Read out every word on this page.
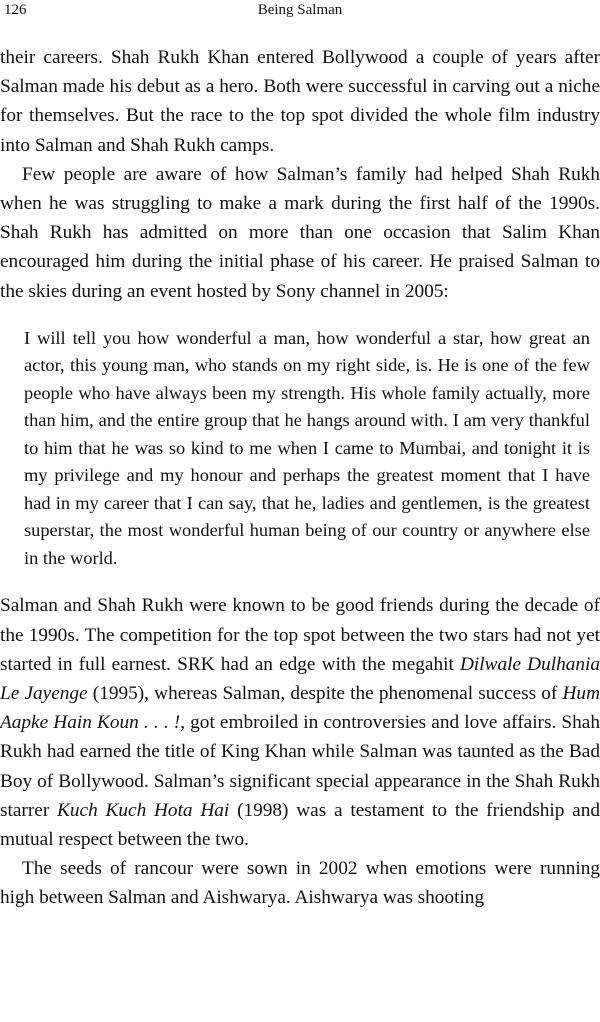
126	Being Salman

their careers. Shah Rukh Khan entered Bollywood a couple of years after Salman made his debut as a hero. Both were successful in carving out a niche for themselves. But the race to the top spot divided the whole film industry into Salman and Shah Rukh camps.

Few people are aware of how Salman’s family had helped Shah Rukh when he was struggling to make a mark during the first half of the 1990s. Shah Rukh has admitted on more than one occasion that Salim Khan encouraged him during the initial phase of his career. He praised Salman to the skies during an event hosted by Sony channel in 2005:

I will tell you how wonderful a man, how wonderful a star, how great an actor, this young man, who stands on my right side, is. He is one of the few people who have always been my strength. His whole family actually, more than him, and the entire group that he hangs around with. I am very thankful to him that he was so kind to me when I came to Mumbai, and tonight it is my privilege and my honour and perhaps the greatest moment that I have had in my career that I can say, that he, ladies and gentlemen, is the greatest superstar, the most wonderful human being of our country or anywhere else in the world.

Salman and Shah Rukh were known to be good friends during the decade of the 1990s. The competition for the top spot between the two stars had not yet started in full earnest. SRK had an edge with the megahit Dilwale Dulhania Le Jayenge (1995), whereas Salman, despite the phenomenal success of Hum Aapke Hain Koun . . . !, got embroiled in controversies and love affairs. Shah Rukh had earned the title of King Khan while Salman was taunted as the Bad Boy of Bollywood. Salman’s significant special appearance in the Shah Rukh starrer Kuch Kuch Hota Hai (1998) was a testament to the friendship and mutual respect between the two.

The seeds of rancour were sown in 2002 when emotions were running high between Salman and Aishwarya. Aishwarya was shooting
